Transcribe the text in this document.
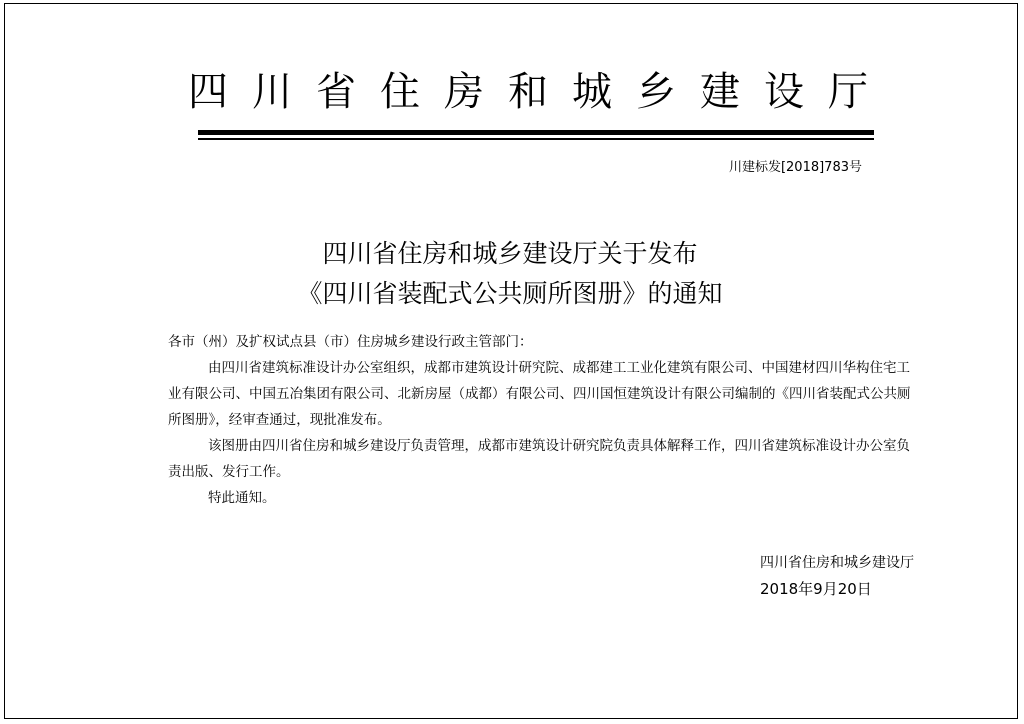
四川省住房和城乡建设厅
川建标发[2018]783号
四川省住房和城乡建设厅关于发布
《四川省装配式公共厕所图册》的通知

各市（州）及扩权试点县（市）住房城乡建设行政主管部门：

由四川省建筑标准设计办公室组织，成都市建筑设计研究院、成都建工工业化建筑有限公司、中国建材四川华构住宅工业有限公司、中国五冶集团有限公司、北新房屋（成都）有限公司、四川国恒建筑设计有限公司编制的《四川省装配式公共厕所图册》，经审查通过，现批准发布。

该图册由四川省住房和城乡建设厅负责管理，成都市建筑设计研究院负责具体解释工作，四川省建筑标准设计办公室负责出版、发行工作。

特此通知。

四川省住房和城乡建设厅
2018年9月20日
